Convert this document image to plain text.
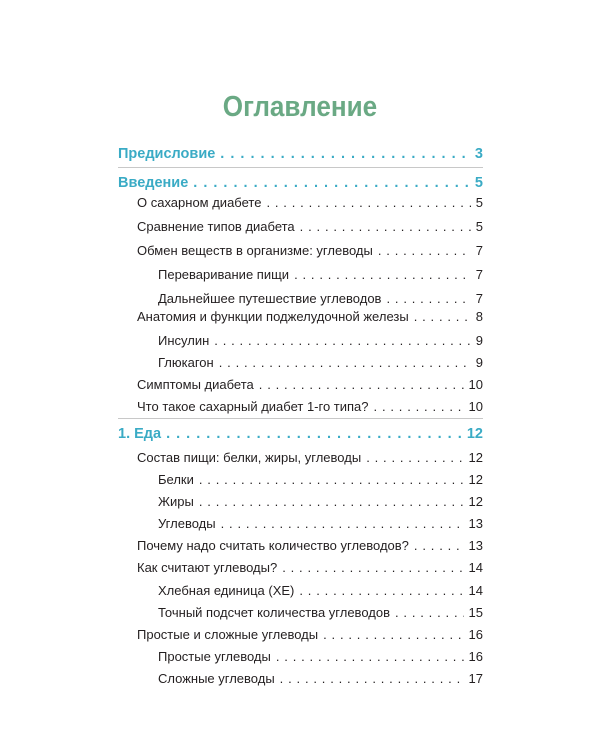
Оглавление
Предисловие . . .	3
Введение . . .	5
О сахарном диабете . . .	5
Сравнение типов диабета . . .	5
Обмен веществ в организме: углеводы . . .	7
Переваривание пищи . . .	7
Дальнейшее путешествие углеводов . . .	7
Анатомия и функции поджелудочной железы . . .	8
Инсулин . . .	9
Глюкагон . . .	9
Симптомы диабета . . .	10
Что такое сахарный диабет 1-го типа? . . .	10
1. Еда . . .	12
Состав пищи: белки, жиры, углеводы . . .	12
Белки . . .	12
Жиры . . .	12
Углеводы . . .	13
Почему надо считать количество углеводов? . . .	13
Как считают углеводы? . . .	14
Хлебная единица (ХЕ) . . .	14
Точный подсчет количества углеводов . . .	15
Простые и сложные углеводы . . .	16
Простые углеводы . . .	16
Сложные углеводы . . .	17
